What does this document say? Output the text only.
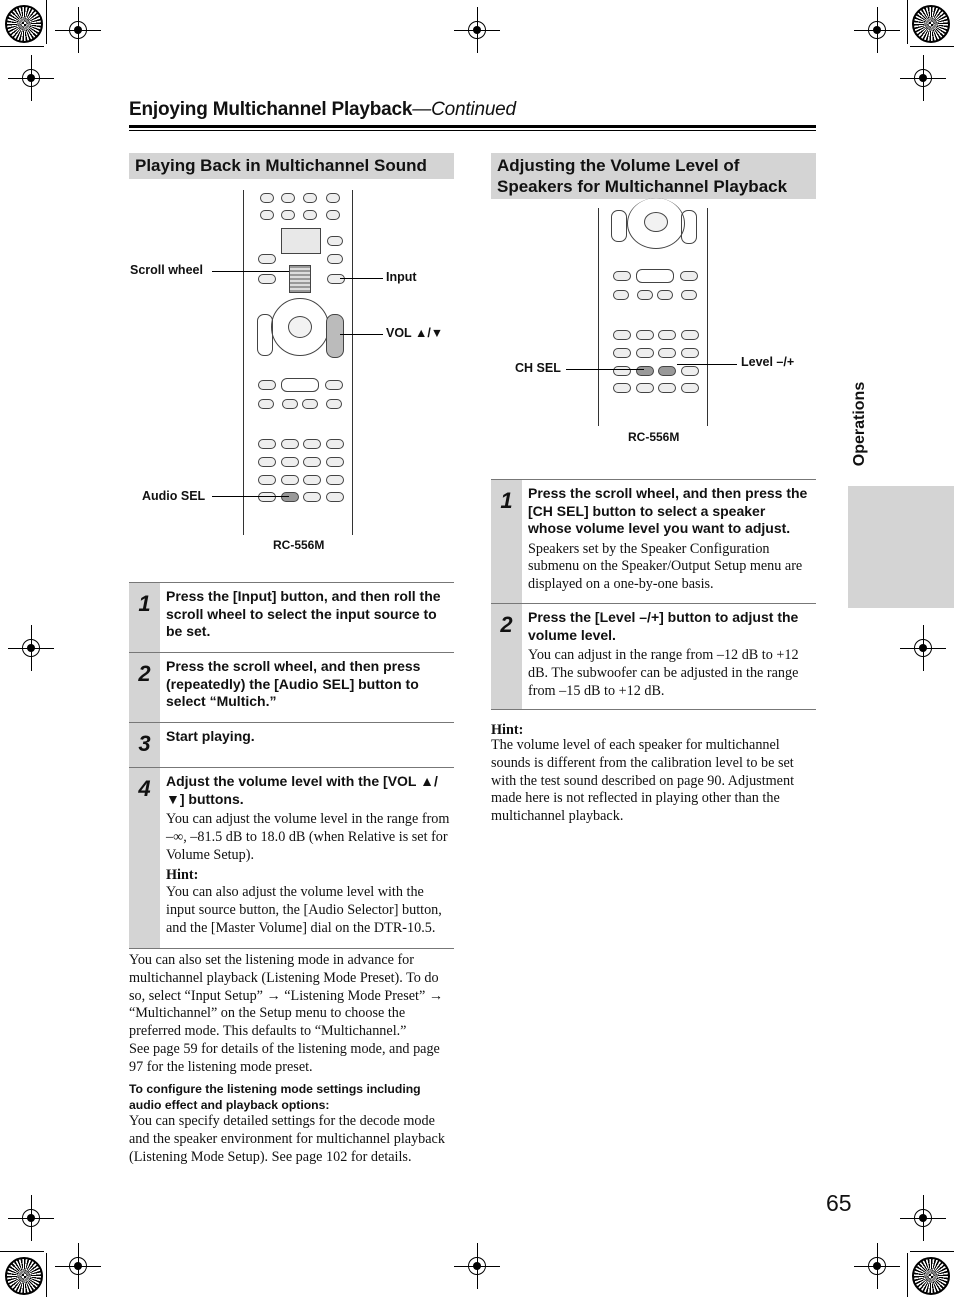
Enjoying Multichannel Playback—Continued
Playing Back in Multichannel Sound
Scroll wheel	Input
VOL ▲/▼
Audio SEL
RC-556M
1	Press the [Input] button, and then roll the scroll wheel to select the input source to be set.
2	Press the scroll wheel, and then press (repeatedly) the [Audio SEL] button to select “Multich.”
3	Start playing.
4	Adjust the volume level with the [VOL ▲/▼] buttons.
You can adjust the volume level in the range from –∞, –81.5 dB to 18.0 dB (when Relative is set for Volume Setup).
Hint:
You can also adjust the volume level with the input source button, the [Audio Selector] button, and the [Master Volume] dial on the DTR-10.5.
You can also set the listening mode in advance for multichannel playback (Listening Mode Preset). To do so, select “Input Setup” → “Listening Mode Preset” → “Multichannel” on the Setup menu to choose the preferred mode. This defaults to “Multichannel.”
See page 59 for details of the listening mode, and page 97 for the listening mode preset.
To configure the listening mode settings including audio effect and playback options:
You can specify detailed settings for the decode mode and the speaker environment for multichannel playback (Listening Mode Setup). See page 102 for details.
Adjusting the Volume Level of Speakers for Multichannel Playback
CH SEL	Level –/+
RC-556M
1	Press the scroll wheel, and then press the [CH SEL] button to select a speaker whose volume level you want to adjust.
Speakers set by the Speaker Configuration submenu on the Speaker/Output Setup menu are displayed on a one-by-one basis.
2	Press the [Level –/+] button to adjust the volume level.
You can adjust in the range from –12 dB to +12 dB. The subwoofer can be adjusted in the range from –15 dB to +12 dB.
Hint:
The volume level of each speaker for multichannel sounds is different from the calibration level to be set with the test sound described on page 90. Adjustment made here is not reflected in playing other than the multichannel playback.
Operations
65
